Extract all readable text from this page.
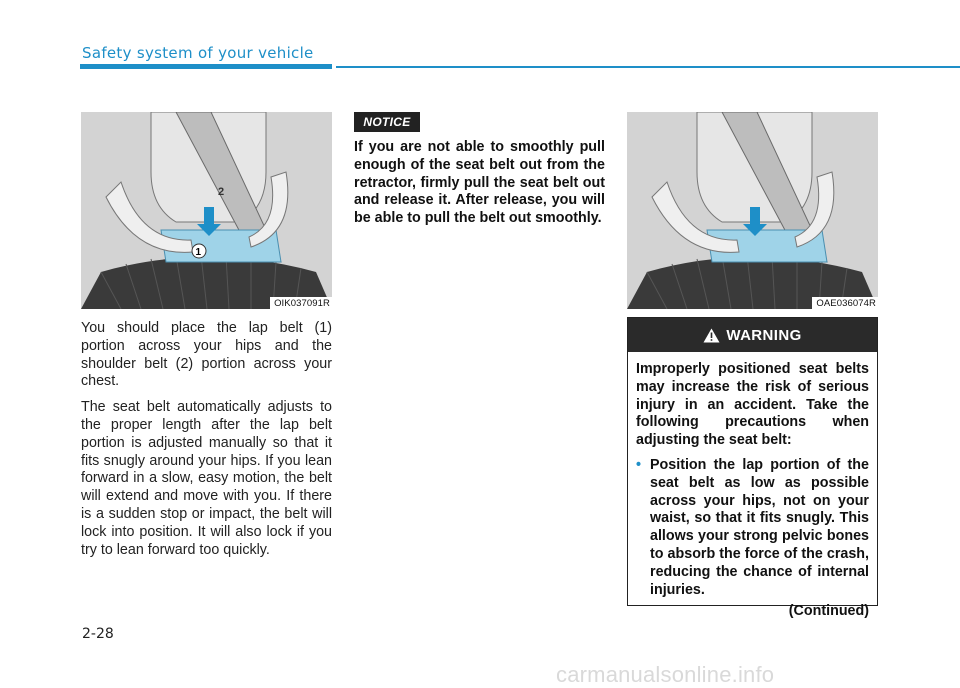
Safety system of your vehicle
1
2
OIK037091R

You should place the lap belt (1) portion across your hips and the shoulder belt (2) portion across your chest.

The seat belt automatically adjusts to the proper length after the lap belt portion is adjusted manually so that it fits snugly around your hips. If you lean forward in a slow, easy motion, the belt will extend and move with you. If there is a sudden stop or impact, the belt will lock into position. It will also lock if you try to lean forward too quickly.

NOTICE
If you are not able to smoothly pull enough of the seat belt out from the retractor, firmly pull the seat belt out and release it. After release, you will be able to pull the belt out smoothly.
OAE036074R
WARNING

Improperly positioned seat belts may increase the risk of serious injury in an accident. Take the following precautions when adjusting the seat belt:

• Position the lap portion of the seat belt as low as possible across your hips, not on your waist, so that it fits snugly. This allows your strong pelvic bones to absorb the force of the crash, reducing the chance of internal injuries.
(Continued)
2-28
carmanualsonline.info
